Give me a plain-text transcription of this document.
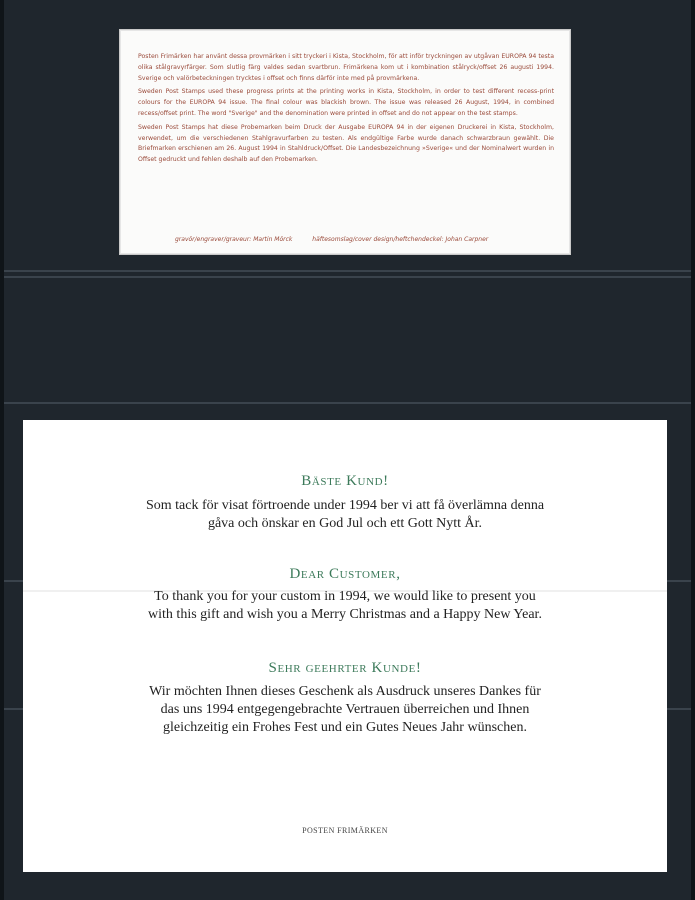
Posten Frimärken har använt dessa provmärken i sitt tryckeri i Kista, Stockholm, för att inför tryckningen av utgåvan EUROPA 94 testa olika stålgravyrfärger. Som slutlig färg valdes sedan svartbrun. Frimärkena kom ut i kombination stålryck/offset 26 augusti 1994. Sverige och valörbeteckningen trycktes i offset och finns därför inte med på provmärkena.

Sweden Post Stamps used these progress prints at the printing works in Kista, Stockholm, in order to test different recess-print colours for the EUROPA 94 issue. The final colour was blackish brown. The issue was released 26 August, 1994, in combined recess/offset print. The word "Sverige" and the denomination were printed in offset and do not appear on the test stamps.

Sweden Post Stamps hat diese Probemarken beim Druck der Ausgabe EUROPA 94 in der eigenen Druckerei in Kista, Stockholm, verwendet, um die verschiedenen Stahlgravurfarben zu testen. Als endgültige Farbe wurde danach schwarzbraun gewählt. Die Briefmarken erschienen am 26. August 1994 in Stahldruck/Offset. Die Landesbezeichnung »Sverige« und der Nominalwert wurden in Offset gedruckt und fehlen deshalb auf den Probemarken.

gravör/engraver/graveur: Martin Mörck	häftesomslag/cover design/heftchendeckel: Johan Carpner
Bäste Kund!
Som tack för visat förtroende under 1994 ber vi att få överlämna denna
gåva och önskar en God Jul och ett Gott Nytt År.
Dear Customer,
To thank you for your custom in 1994, we would like to present you
with this gift and wish you a Merry Christmas and a Happy New Year.
Sehr geehrter Kunde!
Wir möchten Ihnen dieses Geschenk als Ausdruck unseres Dankes für
das uns 1994 entgegengebrachte Vertrauen überreichen und Ihnen
gleichzeitig ein Frohes Fest und ein Gutes Neues Jahr wünschen.
POSTEN FRIMÄRKEN
